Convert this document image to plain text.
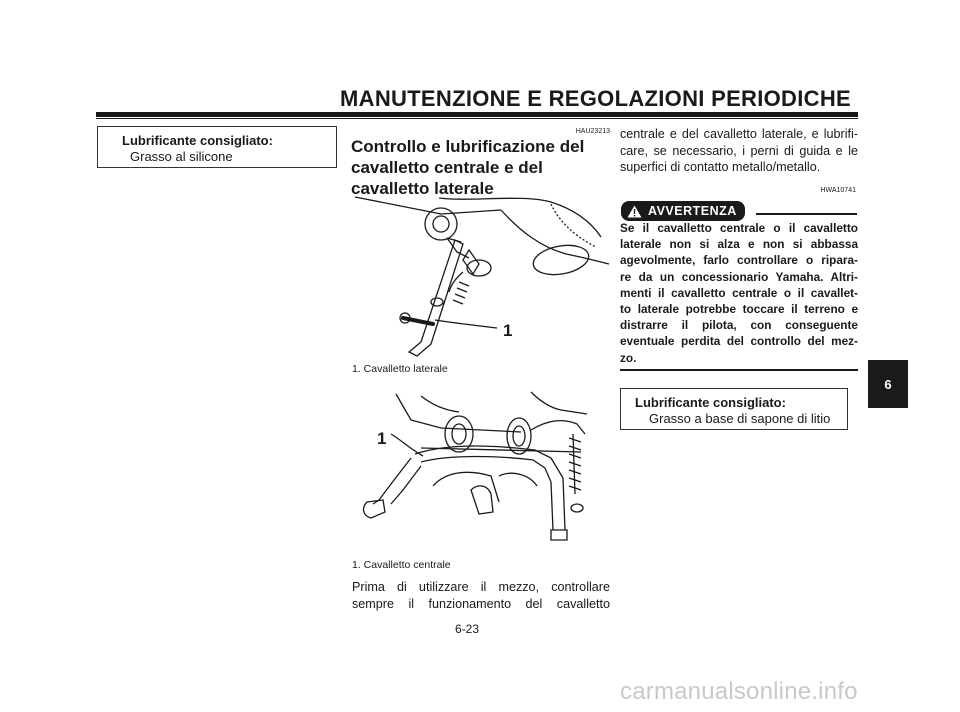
MANUTENZIONE E REGOLAZIONI PERIODICHE
Lubrificante consigliato:
Grasso al silicone
HAU23213
Controllo e lubrificazione del
cavalletto centrale e del
cavalletto laterale
1
1. Cavalletto laterale
1
1. Cavalletto centrale
Prima di utilizzare il mezzo, controllare
sempre il funzionamento del cavalletto
centrale e del cavalletto laterale, e lubrifi-
care, se necessario, i perni di guida e le
superfici di contatto metallo/metallo.
HWA10741
AVVERTENZA
Se il cavalletto centrale o il cavalletto
laterale non si alza e non si abbassa
agevolmente, farlo controllare o ripara-
re da un concessionario Yamaha. Altri-
menti il cavalletto centrale o il cavallet-
to laterale potrebbe toccare il terreno e
distrarre il pilota, con conseguente
eventuale perdita del controllo del mez-
zo.
Lubrificante consigliato:
Grasso a base di sapone di litio
6
6-23
carmanualsonline.info
